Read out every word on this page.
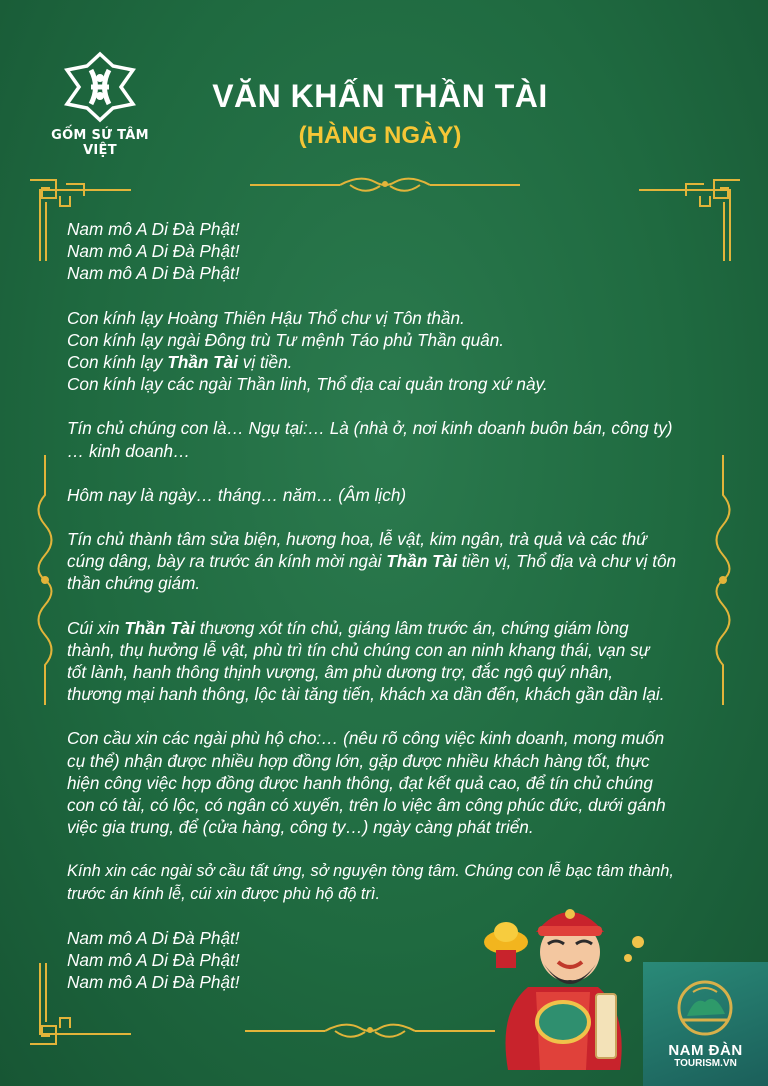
GỐM SỨ TÂM VIỆT
VĂN KHẤN THẦN TÀI
(HÀNG NGÀY)

Nam mô A Di Đà Phật!

Nam mô A Di Đà Phật!

Nam mô A Di Đà Phật!

Con kính lạy Hoàng Thiên Hậu Thổ chư vị Tôn thần.

Con kính lạy ngài Đông trù Tư mệnh Táo phủ Thần quân.

Con kính lạy Thần Tài vị tiền.

Con kính lạy các ngài Thần linh, Thổ địa cai quản trong xứ này.

Tín chủ chúng con là… Ngụ tại:… Là (nhà ở, nơi kinh doanh buôn bán, công ty)

… kinh doanh…

Hôm nay là ngày… tháng… năm… (Âm lịch)

Tín chủ thành tâm sửa biện, hương hoa, lễ vật, kim ngân, trà quả và các thứ

cúng dâng, bày ra trước án kính mời ngài Thần Tài tiền vị, Thổ địa và chư vị tôn

thần chứng giám.

Cúi xin Thần Tài thương xót tín chủ, giáng lâm trước án, chứng giám lòng

thành, thụ hưởng lễ vật, phù trì tín chủ chúng con an ninh khang thái, vạn sự

tốt lành, hanh thông thịnh vượng, âm phù dương trợ, đắc ngộ quý nhân,

thương mại hanh thông, lộc tài tăng tiến, khách xa dần đến, khách gần dần lại.

Con cầu xin các ngài phù hộ cho:… (nêu rõ công việc kinh doanh, mong muốn

cụ thể) nhận được nhiều hợp đồng lớn, gặp được nhiều khách hàng tốt, thực

hiện công việc hợp đồng được hanh thông, đạt kết quả cao, để tín chủ chúng

con có tài, có lộc, có ngân có xuyến, trên lo việc âm công phúc đức, dưới gánh

việc gia trung, để (cửa hàng, công ty…) ngày càng phát triển.

Kính xin các ngài sở cầu tất ứng, sở nguyện tòng tâm. Chúng con lễ bạc tâm thành,

trước án kính lễ, cúi xin được phù hộ độ trì.

Nam mô A Di Đà Phật!

Nam mô A Di Đà Phật!

Nam mô A Di Đà Phật!

NAM ĐÀN
TOURISM.VN
